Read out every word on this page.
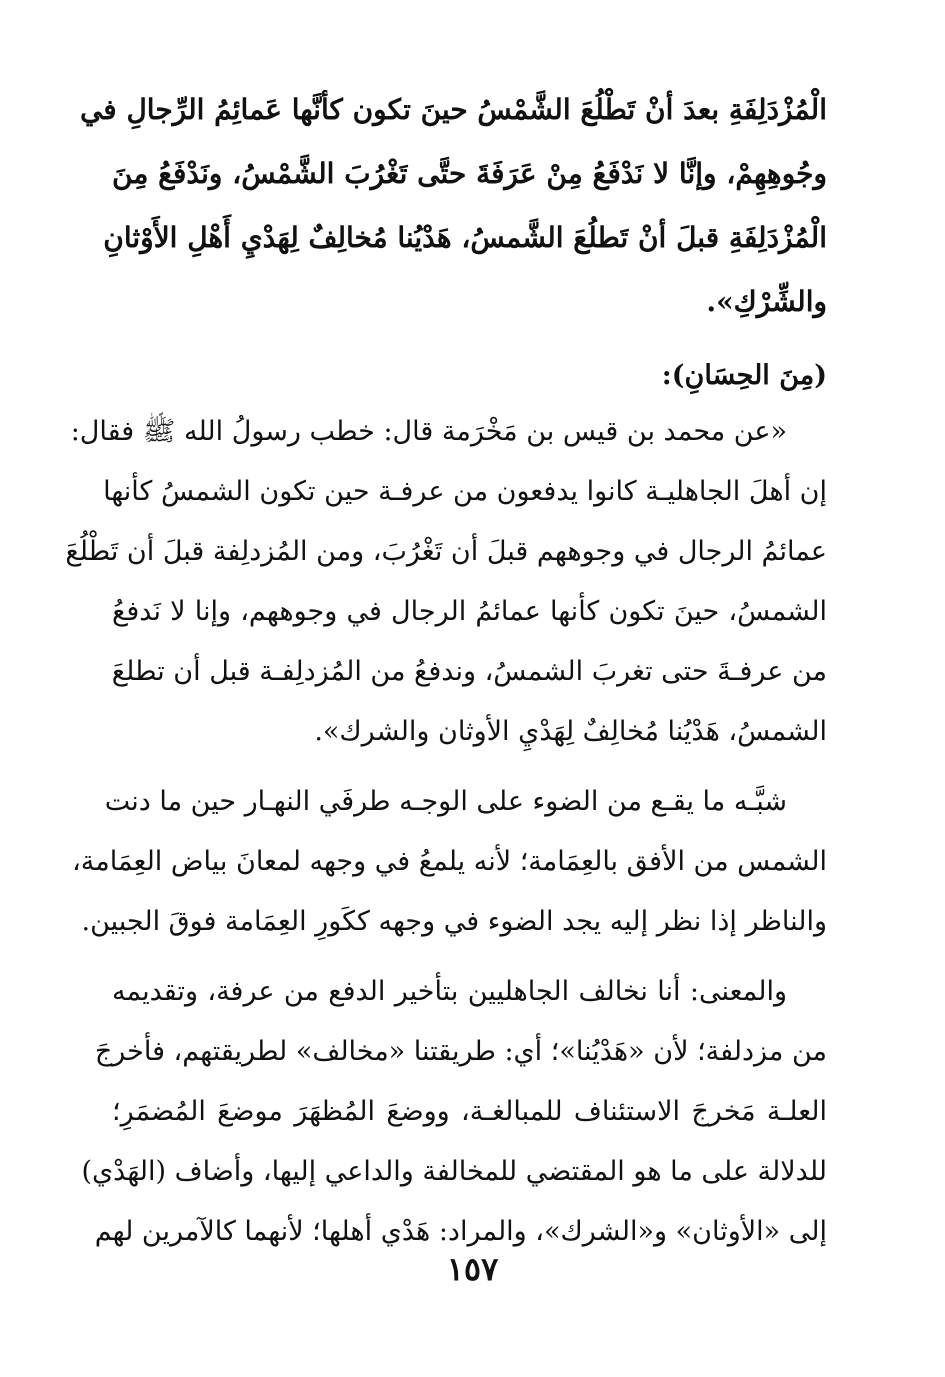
الْمُزْدَلِفَةِ بعدَ أنْ تَطْلُعَ الشَّمْسُ حينَ تكون كأنَّها عَمائِمُ الرِّجالِ في
وجُوهِهِمْ، وإنَّا لا نَدْفَعُ مِنْ عَرَفَةَ حتَّى تَغْرُبَ الشَّمْسُ، ونَدْفَعُ مِنَ
الْمُزْدَلِفَةِ قبلَ أنْ تَطلُعَ الشَّمسُ، هَدْيُنا مُخالِفٌ لِهَدْيِ أَهْلِ الأَوْثانِ
والشِّرْكِ».
(مِنَ الحِسَانِ):
«عن محمد بن قيس بن مَخْرَمة قال: خطب رسولُ الله ﷺ فقال:
إن أهلَ الجاهليـة كانوا يدفعون من عرفـة حين تكون الشمسُ كأنها
عمائمُ الرجال في وجوههم قبلَ أن تَغْرُبَ، ومن المُزدلِفة قبلَ أن تَطْلُعَ
الشمسُ، حينَ تكون كأنها عمائمُ الرجال في وجوههم، وإنا لا نَدفعُ
من عرفـةَ حتى تغربَ الشمسُ، وندفعُ من المُزدلِفـة قبل أن تطلعَ
الشمسُ، هَدْيُنا مُخالِفٌ لِهَدْيِ الأوثان والشرك».
شبَّـه ما يقـع من الضوء على الوجـه طرفَي النهـار حين ما دنت
الشمس من الأفق بالعِمَامة؛ لأنه يلمعُ في وجهه لمعانَ بياض العِمَامة،
والناظر إذا نظر إليه يجد الضوء في وجهه ككَورِ العِمَامة فوقَ الجبين.
والمعنى: أنا نخالف الجاهليين بتأخير الدفع من عرفة، وتقديمه
من مزدلفة؛ لأن «هَدْيُنا»؛ أي: طريقتنا «مخالف» لطريقتهم، فأخرجَ
العلـة مَخرجَ الاستئناف للمبالغـة، ووضعَ المُظهَرَ موضعَ المُضمَرِ؛
للدلالة على ما هو المقتضي للمخالفة والداعي إليها، وأضاف (الهَدْي)
إلى «الأوثان» و«الشرك»، والمراد: هَدْي أهلها؛ لأنهما كالآمرين لهم
١٥٧
